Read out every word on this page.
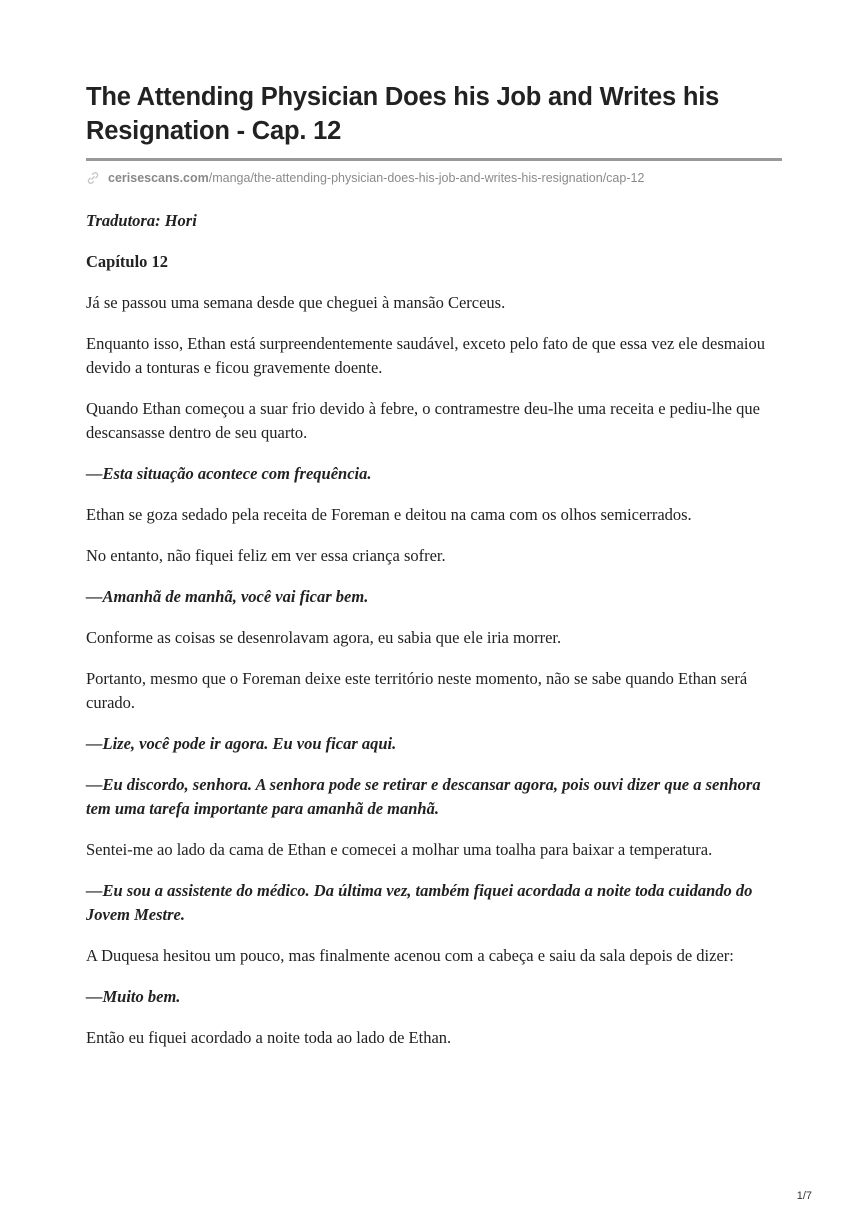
The Attending Physician Does his Job and Writes his Resignation - Cap. 12
cerisescans.com /manga/the-attending-physician-does-his-job-and-writes-his-resignation/cap-12

Tradutora: Hori

Capítulo 12

Já se passou uma semana desde que cheguei à mansão Cerceus.

Enquanto isso, Ethan está surpreendentemente saudável, exceto pelo fato de que essa vez ele desmaiou devido a tonturas e ficou gravemente doente.

Quando Ethan começou a suar frio devido à febre, o contramestre deu-lhe uma receita e pediu-lhe que descansasse dentro de seu quarto.

—Esta situação acontece com frequência.

Ethan se goza sedado pela receita de Foreman e deitou na cama com os olhos semicerrados.

No entanto, não fiquei feliz em ver essa criança sofrer.

—Amanhã de manhã, você vai ficar bem.

Conforme as coisas se desenrolavam agora, eu sabia que ele iria morrer.

Portanto, mesmo que o Foreman deixe este território neste momento, não se sabe quando Ethan será curado.

—Lize, você pode ir agora. Eu vou ficar aqui.

—Eu discordo, senhora. A senhora pode se retirar e descansar agora, pois ouvi dizer que a senhora tem uma tarefa importante para amanhã de manhã.

Sentei-me ao lado da cama de Ethan e comecei a molhar uma toalha para baixar a temperatura.

—Eu sou a assistente do médico. Da última vez, também fiquei acordada a noite toda cuidando do Jovem Mestre.

A Duquesa hesitou um pouco, mas finalmente acenou com a cabeça e saiu da sala depois de dizer:

—Muito bem.

Então eu fiquei acordado a noite toda ao lado de Ethan.

1/7
